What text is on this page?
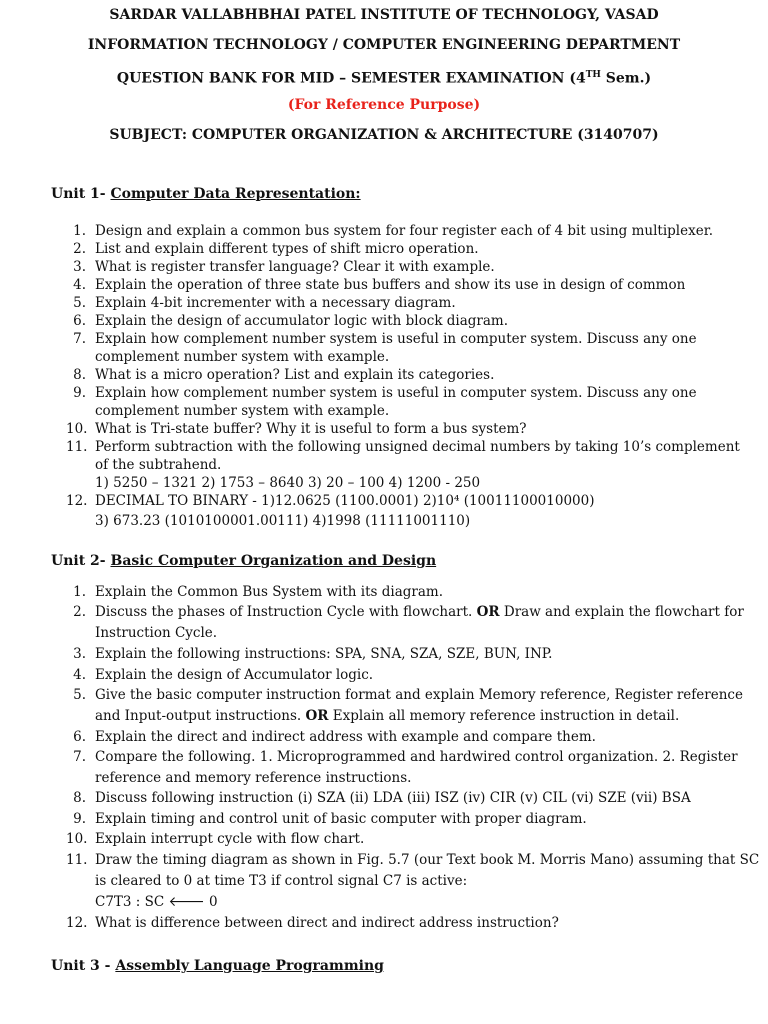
SARDAR VALLABHBHAI PATEL INSTITUTE OF TECHNOLOGY, VASAD
INFORMATION TECHNOLOGY / COMPUTER ENGINEERING DEPARTMENT
QUESTION BANK FOR MID – SEMESTER EXAMINATION (4TH Sem.)
(For Reference Purpose)
SUBJECT: COMPUTER ORGANIZATION & ARCHITECTURE (3140707)
Unit 1- Computer Data Representation:
1. Design and explain a common bus system for four register each of 4 bit using multiplexer.
2. List and explain different types of shift micro operation.
3. What is register transfer language? Clear it with example.
4. Explain the operation of three state bus buffers and show its use in design of common
5. Explain 4-bit incrementer with a necessary diagram.
6. Explain the design of accumulator logic with block diagram.
7. Explain how complement number system is useful in computer system. Discuss any one
complement number system with example.
8. What is a micro operation? List and explain its categories.
9. Explain how complement number system is useful in computer system. Discuss any one
complement number system with example.
10. What is Tri-state buffer? Why it is useful to form a bus system?
11. Perform subtraction with the following unsigned decimal numbers by taking 10’s complement
of the subtrahend.
1) 5250 – 1321 2) 1753 – 8640 3) 20 – 100 4) 1200 - 250
12. DECIMAL TO BINARY - 1)12.0625 (1100.0001) 2)10⁴ (10011100010000)
3) 673.23 (1010100001.00111) 4)1998 (11111001110)
Unit 2- Basic Computer Organization and Design
1. Explain the Common Bus System with its diagram.
2. Discuss the phases of Instruction Cycle with flowchart. OR Draw and explain the flowchart for
Instruction Cycle.
3. Explain the following instructions: SPA, SNA, SZA, SZE, BUN, INP.
4. Explain the design of Accumulator logic.
5. Give the basic computer instruction format and explain Memory reference, Register reference
and Input-output instructions. OR Explain all memory reference instruction in detail.
6. Explain the direct and indirect address with example and compare them.
7. Compare the following. 1. Microprogrammed and hardwired control organization. 2. Register
reference and memory reference instructions.
8. Discuss following instruction (i) SZA (ii) LDA (iii) ISZ (iv) CIR (v) CIL (vi) SZE (vii) BSA
9. Explain timing and control unit of basic computer with proper diagram.
10. Explain interrupt cycle with flow chart.
11. Draw the timing diagram as shown in Fig. 5.7 (our Text book M. Morris Mano) assuming that SC
is cleared to 0 at time T3 if control signal C7 is active:
C7T3 : SC 🡐 0
12. What is difference between direct and indirect address instruction?
Unit 3 - Assembly Language Programming
